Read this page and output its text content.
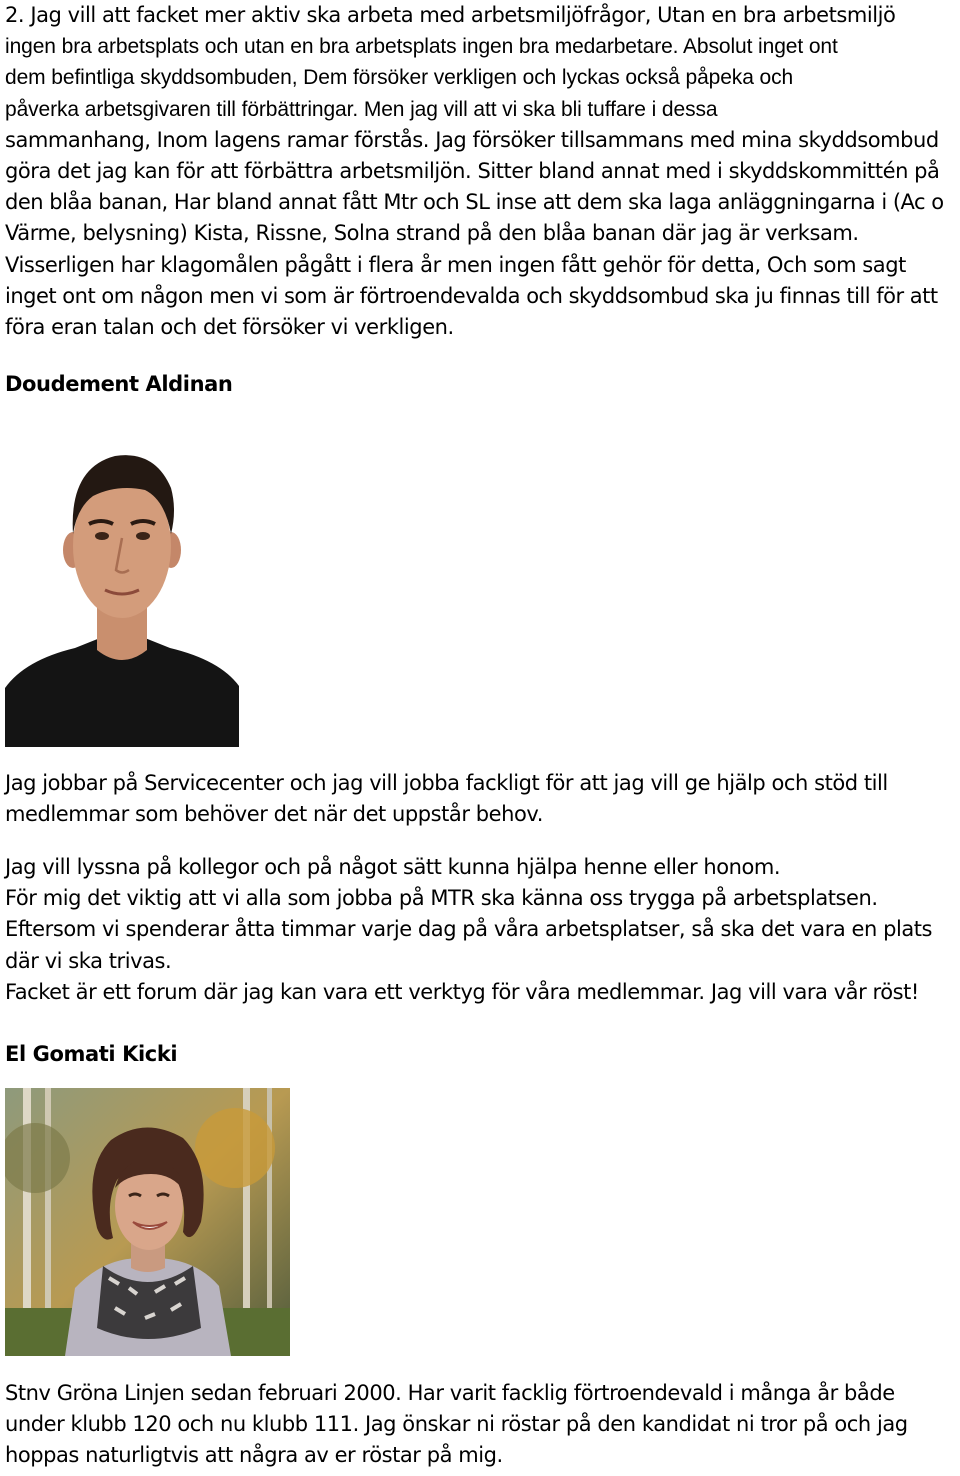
2. Jag vill att facket mer aktiv ska arbeta med arbetsmiljöfrågor, Utan en bra arbetsmiljö
ingen bra arbetsplats och utan en bra arbetsplats ingen bra medarbetare. Absolut inget ont
dem befintliga skyddsombuden, Dem försöker verkligen och lyckas också påpeka och
påverka arbetsgivaren till förbättringar. Men jag vill att vi ska bli tuffare i dessa
sammanhang, Inom lagens ramar förstås. Jag försöker tillsammans med mina skyddsombud
göra det jag kan för att förbättra arbetsmiljön. Sitter bland annat med i skyddskommittén på
den blåa banan, Har bland annat fått Mtr och SL inse att dem ska laga anläggningarna i (Ac o
Värme, belysning) Kista, Rissne, Solna strand på den blåa banan där jag är verksam.
Visserligen har klagomålen pågått i flera år men ingen fått gehör för detta, Och som sagt
inget ont om någon men vi som är förtroendevalda och skyddsombud ska ju finnas till för att
föra eran talan och det försöker vi verkligen.
Doudement Aldinan
Jag jobbar på Servicecenter och jag vill jobba fackligt för att jag vill ge hjälp och stöd till
medlemmar som behöver det när det uppstår behov.
Jag vill lyssna på kollegor och på något sätt kunna hjälpa henne eller honom.
För mig det viktig att vi alla som jobba på MTR ska känna oss trygga på arbetsplatsen.
Eftersom vi spenderar åtta timmar varje dag på våra arbetsplatser, så ska det vara en plats
där vi ska trivas.
Facket är ett forum där jag kan vara ett verktyg för våra medlemmar. Jag vill vara vår röst!
El Gomati Kicki
Stnv Gröna Linjen sedan februari 2000. Har varit facklig förtroendevald i många år både
under klubb 120 och nu klubb 111. Jag önskar ni röstar på den kandidat ni tror på och jag
hoppas naturligtvis att några av er röstar på mig.
